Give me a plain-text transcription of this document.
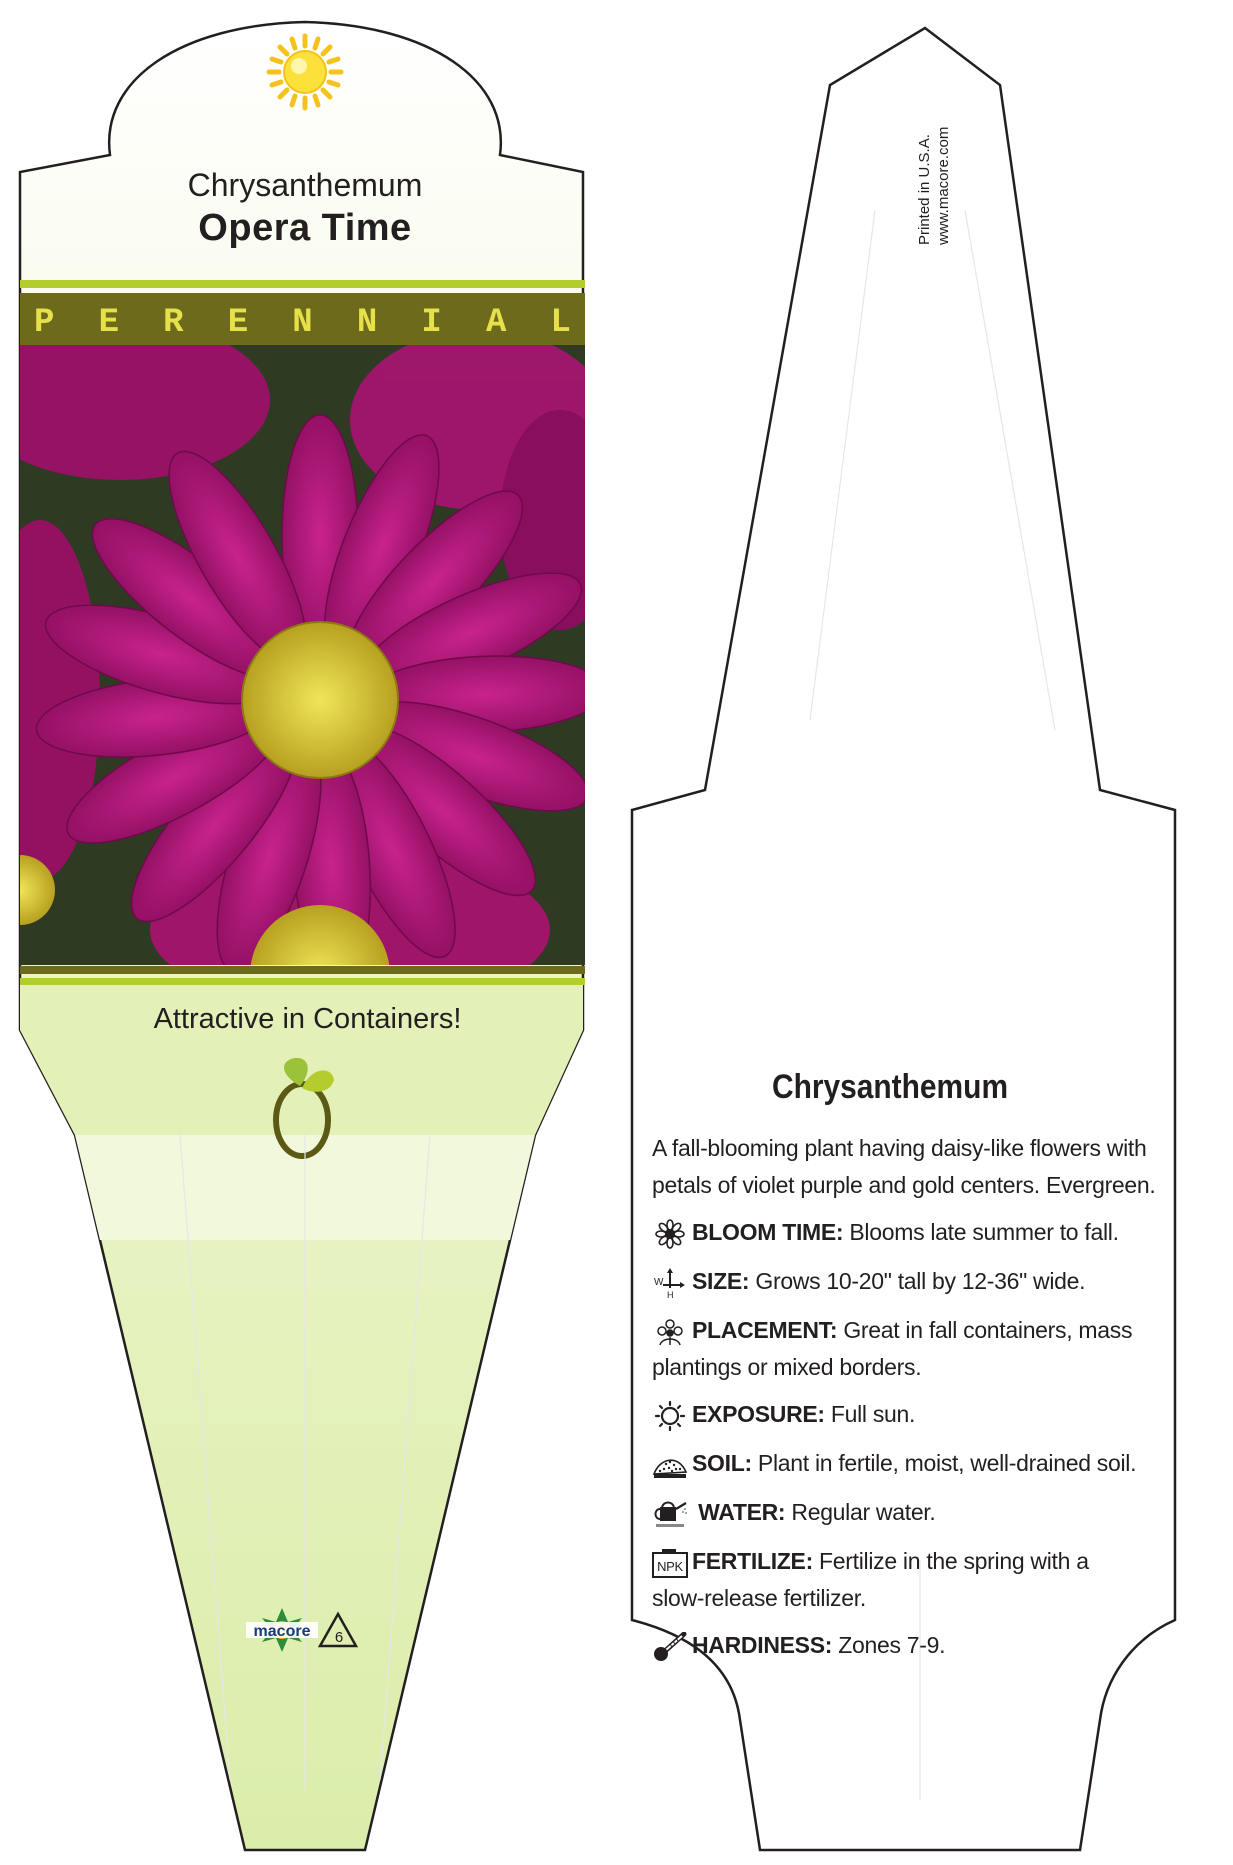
macore 6
Chrysanthemum
Opera Time
P E R E N N I A L
Attractive in Containers!
Printed in U.S.A. www.macore.com
Chrysanthemum
A fall-blooming plant having daisy-like flowers with
petals of violet purple and gold centers. Evergreen.
BLOOM TIME: Blooms late summer to fall.
W
H
SIZE: Grows 10-20" tall by 12-36" wide.
PLACEMENT: Great in fall containers, mass
plantings or mixed borders.
EXPOSURE: Full sun.
SOIL: Plant in fertile, moist, well-drained soil.
WATER: Regular water.
NPK FERTILIZE: Fertilize in the spring with a
slow-release fertilizer.
HARDINESS: Zones 7-9.
